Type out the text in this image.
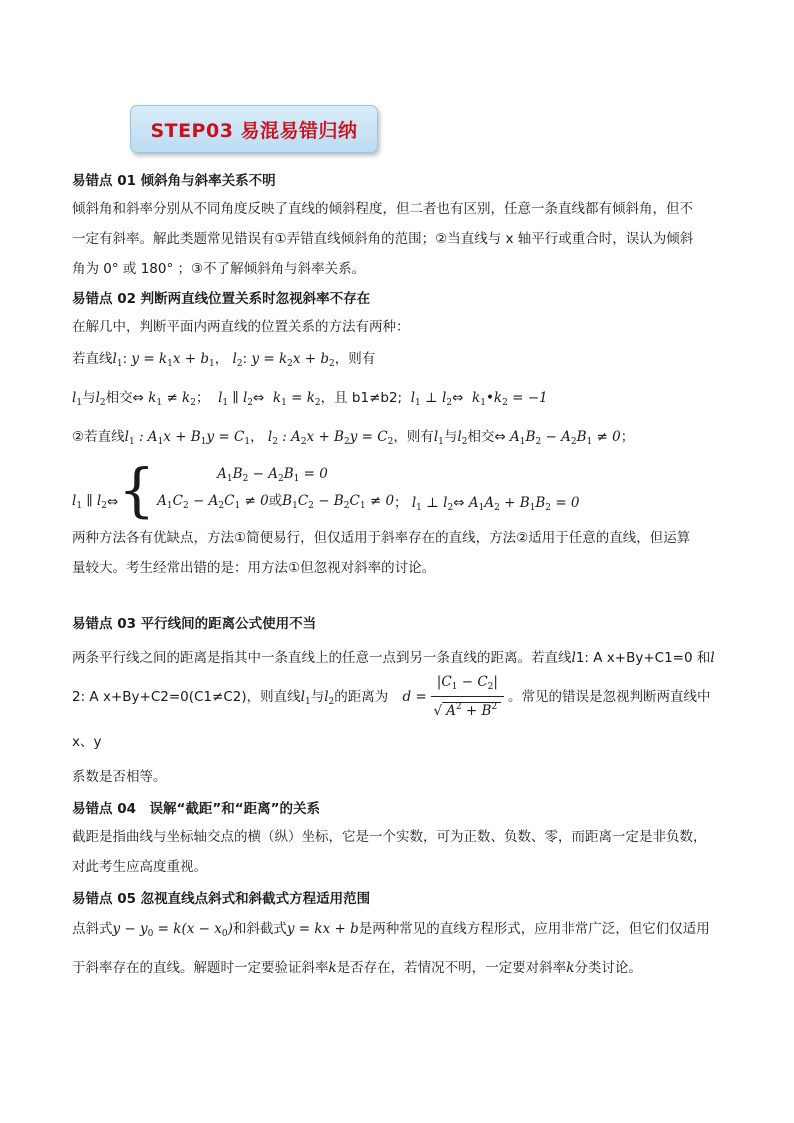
STEP03 易混易错归纳

易错点 01 倾斜角与斜率关系不明

倾斜角和斜率分别从不同角度反映了直线的倾斜程度，但二者也有区别，任意一条直线都有倾斜角，但不

一定有斜率。解此类题常见错误有①弄错直线倾斜角的范围；②当直线与 x 轴平行或重合时，误认为倾斜

角为 0° 或 180° ；③不了解倾斜角与斜率关系。

易错点 02 判断两直线位置关系时忽视斜率不存在

在解几中，判断平面内两直线的位置关系的方法有两种：

若直线$l_1$: $y = k_1x + b_1$， $l_2$: $y = k_2x + b_2$，则有

$l_1$与$l_2$相交⇔ $k_1 \ne k_2$； $l_1$ ∥ $l_2\Leftrightarrow$  $k_1 = k_2$，且 b1≠b2; $l_1$ ⊥ $l_2\Leftrightarrow$  $k_1•k_2 = -1$

②若直线$l_1$ : $A_1x + B_1y = C_1$， $l_2$ : $A_2x + B_2y = C_2$，则有$l_1$与$l_2$相交⇔ $A_1B_2 - A_2B_1 \ne 0$；

$l_1$ ∥ $l_2$ ⇔ {	$A_1B_2 - A_2B_1 = 0$
$A_1C_2 - A_2C_1 \ne 0$或$B_1C_2 - B_2C_1 \ne 0$ ； $l_1$ ⊥ $l_2\Leftrightarrow$ $A_1A_2 + B_1B_2 = 0$

两种方法各有优缺点，方法①简便易行，但仅适用于斜率存在的直线，方法②适用于任意的直线，但运算

量较大。考生经常出错的是：用方法①但忽视对斜率的讨论。

易错点 03 平行线间的距离公式使用不当

两条平行线之间的距离是指其中一条直线上的任意一点到另一条直线的距离。若直线l1: A x+By+C1=0 和l

2: A x+By+C2=0(C1≠C2)，则直线$l_1$与$l_2$的距离为 $d = \frac{|C_1 - C_2|}{√ A^2 + B^2}$ 。常见的错误是忽视判断两直线中 x、y

系数是否相等。

易错点 04　误解“截距”和“距离”的关系

截距是指曲线与坐标轴交点的横（纵）坐标，它是一个实数，可为正数、负数、零，而距离一定是非负数，

对此考生应高度重视。

易错点 05 忽视直线点斜式和斜截式方程适用范围

点斜式$y - y_0 = k(x - x_0)$和斜截式y = kx + b是两种常见的直线方程形式，应用非常广泛，但它们仅适用

于斜率存在的直线。解题时一定要验证斜率k是否存在，若情况不明，一定要对斜率k分类讨论。
